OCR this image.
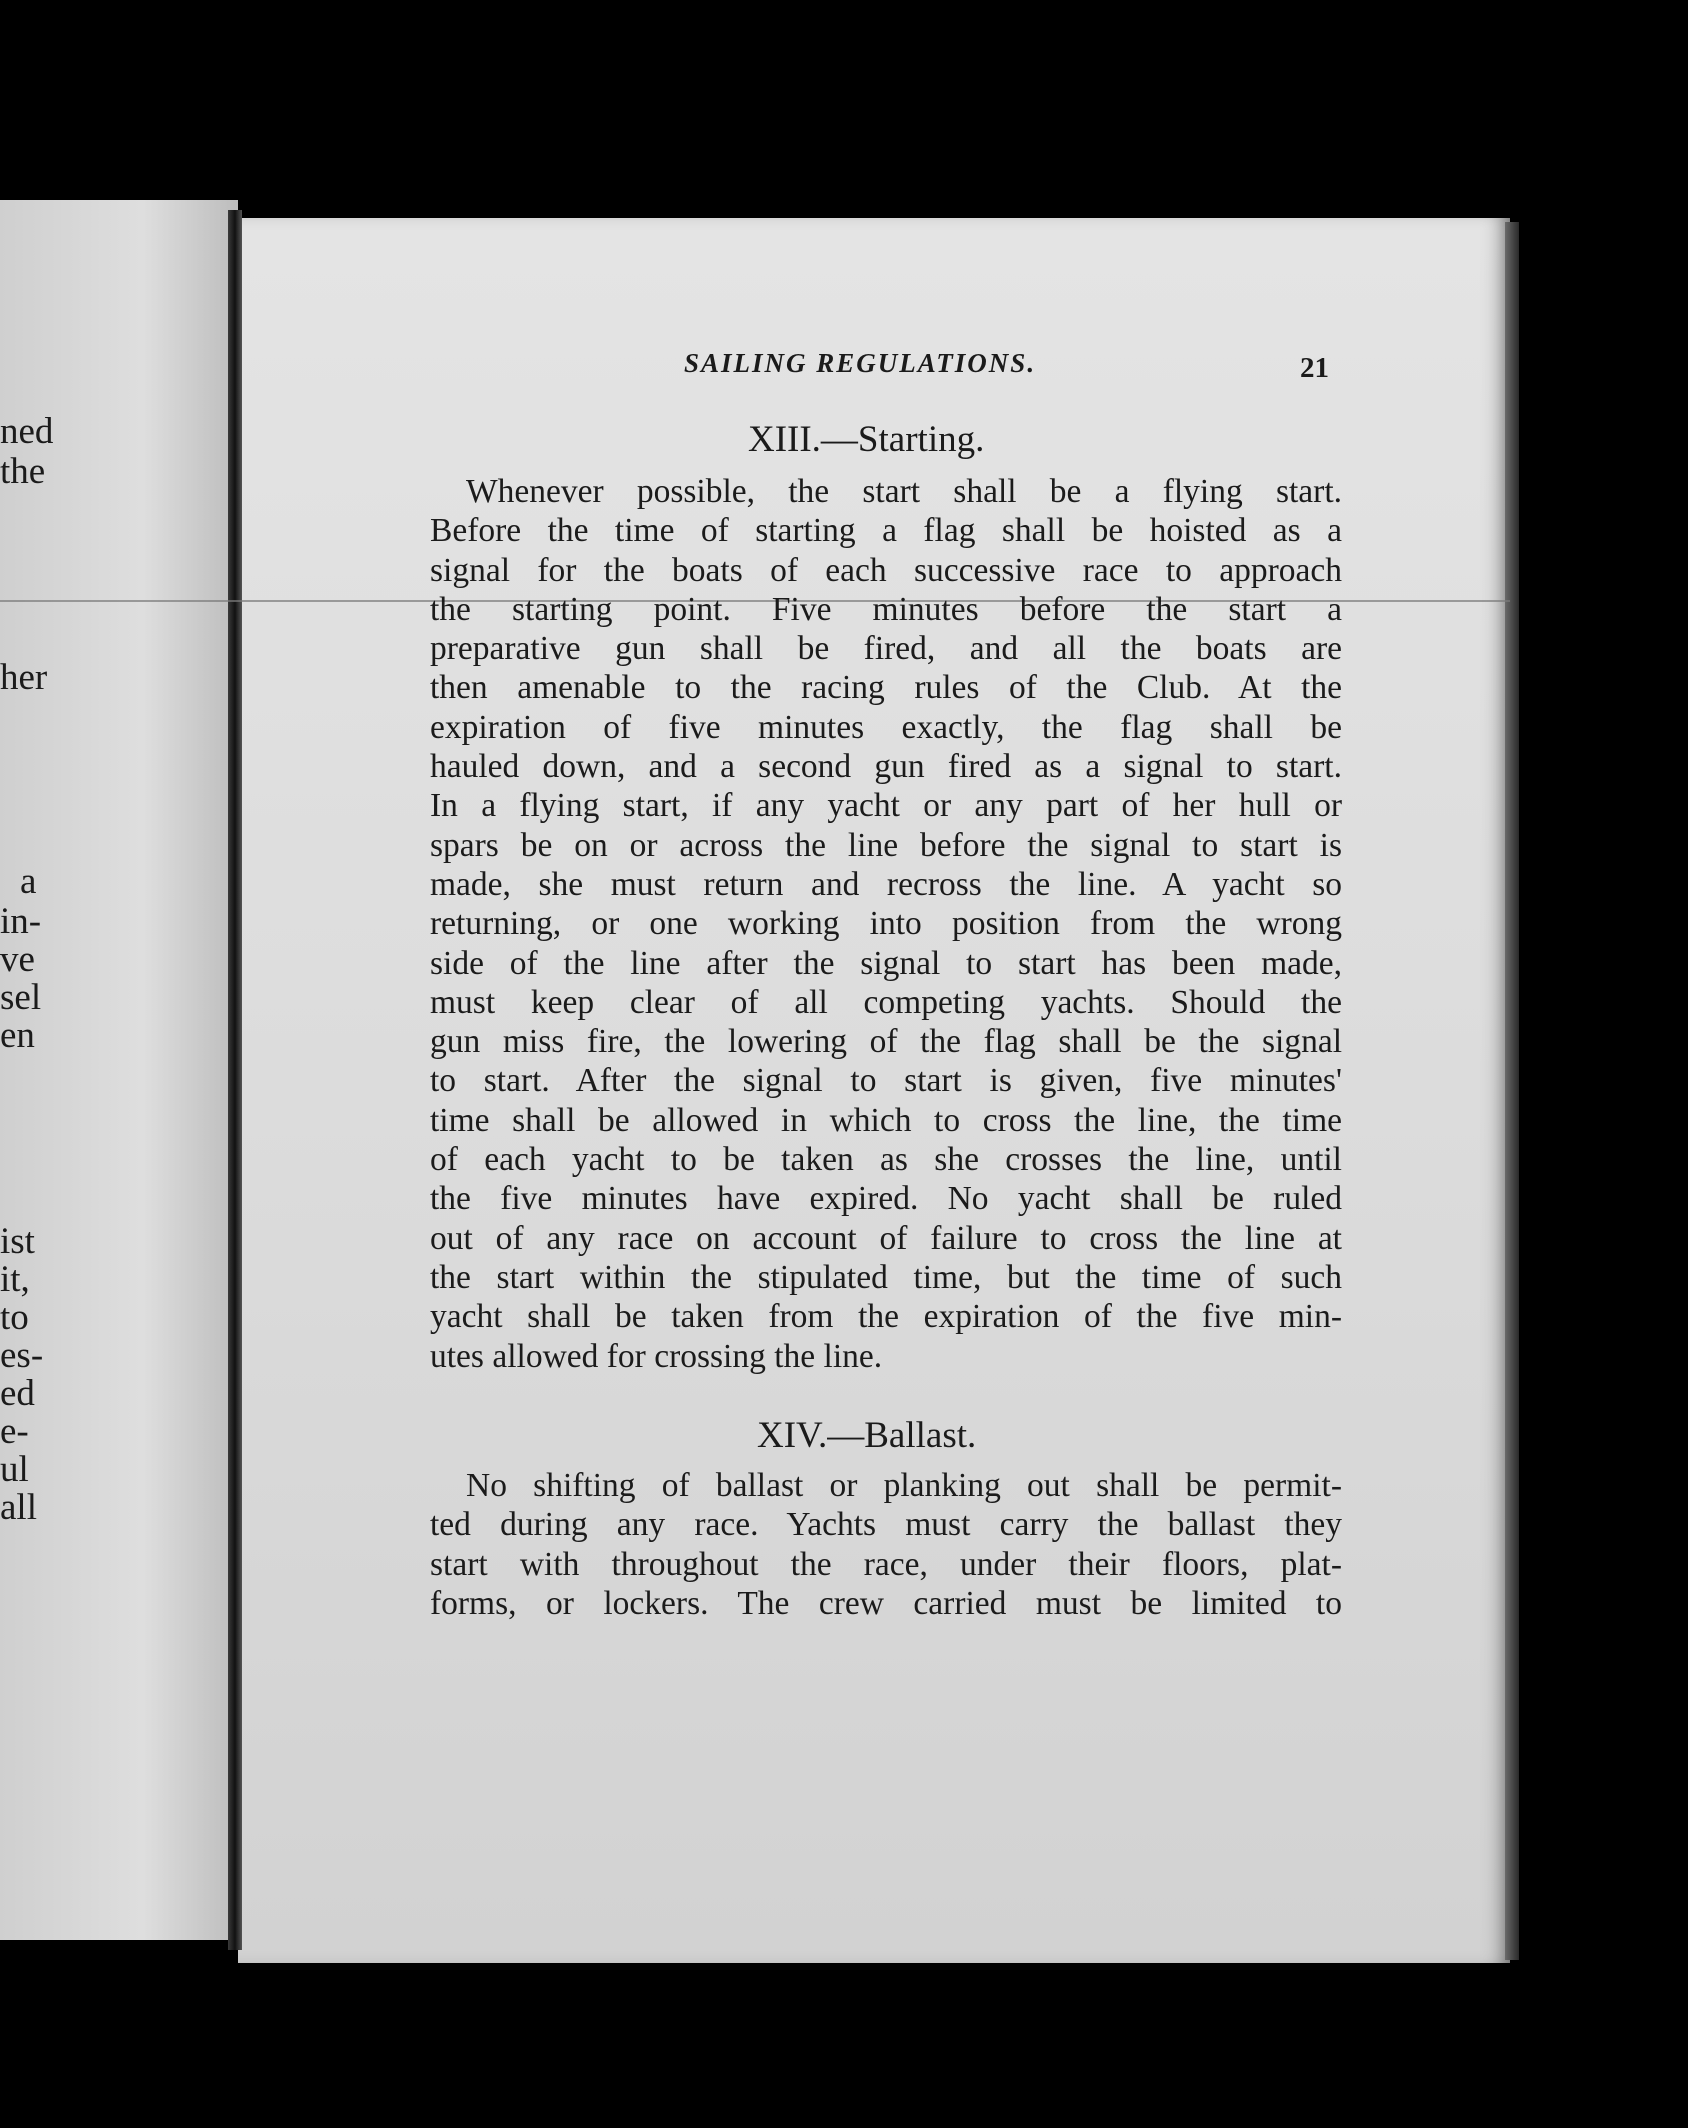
ned
the
her
a
in-
ve
sel
en
ist
it,
to
es-
ed
e-
ul
all
SAILING REGULATIONS.	21
XIII.—Starting.
Whenever possible, the start shall be a flying start.
Before the time of starting a flag shall be hoisted as a
signal for the boats of each successive race to approach
the starting point. Five minutes before the start a
preparative gun shall be fired, and all the boats are
then amenable to the racing rules of the Club. At the
expiration of five minutes exactly, the flag shall be
hauled down, and a second gun fired as a signal to start.
In a flying start, if any yacht or any part of her hull or
spars be on or across the line before the signal to start is
made, she must return and recross the line. A yacht so
returning, or one working into position from the wrong
side of the line after the signal to start has been made,
must keep clear of all competing yachts. Should the
gun miss fire, the lowering of the flag shall be the signal
to start. After the signal to start is given, five minutes'
time shall be allowed in which to cross the line, the time
of each yacht to be taken as she crosses the line, until
the five minutes have expired. No yacht shall be ruled
out of any race on account of failure to cross the line at
the start within the stipulated time, but the time of such
yacht shall be taken from the expiration of the five min-
utes allowed for crossing the line.
XIV.—Ballast.
No shifting of ballast or planking out shall be permit-
ted during any race. Yachts must carry the ballast they
start with throughout the race, under their floors, plat-
forms, or lockers. The crew carried must be limited to
